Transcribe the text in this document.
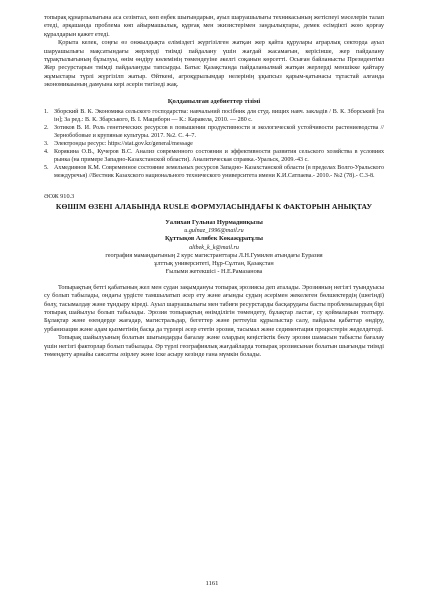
топырақ құнарлылығына аса сезімтал, көп еңбек шығындарын, ауыл шаруашылығы техникасының жетіспеуі мәселерін талап етеді, әрқашанда проблема көп айырмашылық, құрғақ мен экизистерімен заңдылықтары, демек есімдікті жою қорғау құралдарын қажет етеді.

Қорыта келек, соңғы өз онжылдықта еліміздегі жүргізілген жатқан жер қайта құрулары аграрлық секторда ауыл шаруашылығы мақсатындағы жерлерді тиімді пайдалану үшін жағдай жасамағын, керісінше, жер пайдалану тұрақтылығының бұзылуы, өнім өндіру көлемінің төмендеуіне әкелгі соқанын көрсетті. Осыған байланысты Президентімз Жер ресурстарын тиімді пайдалануды тапсырды. Батыс Қазақстанда пайдаланылмай жатқан жерлерді меншікке қайтару жұмыстары түрлі жүргізілп жатыр. Өйткені, агроқұрылымдар нелерінің ұқыпсыз қарым-қатынасы тұтастай алғанда экономикаының дамуына кері әсерін тигізеді жақ.

Қолданылған әдебиеттер тізімі
1. Зборский В. К. Экономика сельского господарства: навчальний посібник для студ. вищих навч. закладів / В. К. Зборський [та ін]; За ред.: В. К. Збарського, В. І. Мациборн — К.: Каравела, 2010. — 280 с.
2. Зотиков В. И. Роль генетических ресурсов в повышении продуктивности и экологической устойчивости растениеводства // Зернобобовые и крупяные культуры. 2017. №2. С. 4–7.
3. Электронды ресурс: https://stat.gov.kz/general/message
4. Корякина О.В., Кучеров В.С. Анализ современного состояния и эффективности развития сельского хозяйства в условиях рынка (на примере Западно-Казахстанской области). Аналитическая справка.-Уральск, 2009.-43 с.
5. Ахмедиянов К.М. Современное состояние земельных ресурсов Западно- Казахстанской области (в пределах Волго-Уральского междуречья) //Вестник Казахского национального технического университета имени К.И.Сатпаева.- 2010.- №2 (78).- С.3-8.
ӘОЖ 910.3
КӨШІМ ӨЗЕНІ АЛАБЫНДА RUSLE ФОРМУЛАСЫНДАҒЫ К ФАКТОРЫН АНЫҚТАУ

Уалихан Гульназ Нурмадинқызы

u.gulnaz_1996@mail.ru

Құттықов Алибек Көкажұратұлы

alibek_k_k@mail.ru

география мамандығының 2 курс магистранттары Л.Н.Гумилев атындағы Еуразия

ұлттық университеті, Нұр-Сұлтан, Қазақстан

Ғылыми жетекшісі - Н.Е.Рамазанова

Топырақтың бетгі қабатының жел мен судан зақымдануы топырақ эрозиясы деп аталады. Эрозияның негізгі туындуысы су болып табылады, ондағы үрдісте тамшылатып әсер ету және ағынды судың әсерімен жекелеген бөлшектердің (шөгінді) бөлу, тасымалдау және тұндыру кіреді. Ауыл шаруашылығы мен табиғи ресурстарды басқарудағы басты проблемалардың бірі топырақ шайылуы болып табылады. Эрозия топырақтың өнімділігін төмендету, бұлақтар ластағ, су қоймаларын толтыру. Бұлақтар және өзендерде жағадар, магистральдар, бегеттер және реттеуіш құрылыстар салу, пайдалы қабаттар өндіру, урбанизация және адам қызметінің басқа да түрлері әсер ететін эрозия, тасымал және седиментация процестерін жеделдетеді.

Топырақ шайылуының болатын шығындарды бағалау және олардың кеңістіктік бөлу эрозия шамасын табысты бағалау үшін негізгі факторлар болып табылады. Әр түрлі географиялық жағдайларда топырақ эрозиясынан болатын шығынды тиімді төмендету арнайы саясатты әзірлеу және іске асыру кезінде ғана мүмкін болады.

1161
